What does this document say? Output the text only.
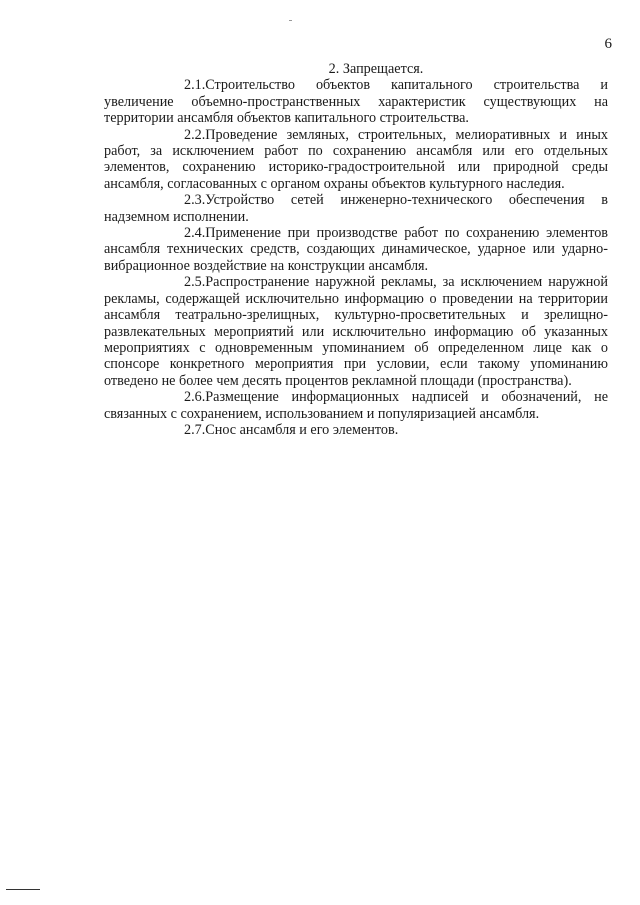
6

2. Запрещается.

2.1.Строительство объектов капитального строительства и увеличение объемно-пространственных характеристик существующих на территории ансамбля объектов капитального строительства.

2.2.Проведение земляных, строительных, мелиоративных и иных работ, за исключением работ по сохранению ансамбля или его отдельных элементов, сохранению историко-градостроительной или природной среды ансамбля, согласованных с органом охраны объектов культурного наследия.

2.3.Устройство сетей инженерно-технического обеспечения в надземном исполнении.

2.4.Применение при производстве работ по сохранению элементов ансамбля технических средств, создающих динамическое, ударное или ударно-вибрационное воздействие на конструкции ансамбля.

2.5.Распространение наружной рекламы, за исключением наружной рекламы, содержащей исключительно информацию о проведении на территории ансамбля театрально-зрелищных, культурно-просветительных и зрелищно-развлекательных мероприятий или исключительно информацию об указанных мероприятиях с одновременным упоминанием об определенном лице как о спонсоре конкретного мероприятия при условии, если такому упоминанию отведено не более чем десять процентов рекламной площади (пространства).

2.6.Размещение информационных надписей и обозначений, не связанных с сохранением, использованием и популяризацией ансамбля.

2.7.Снос ансамбля и его элементов.
